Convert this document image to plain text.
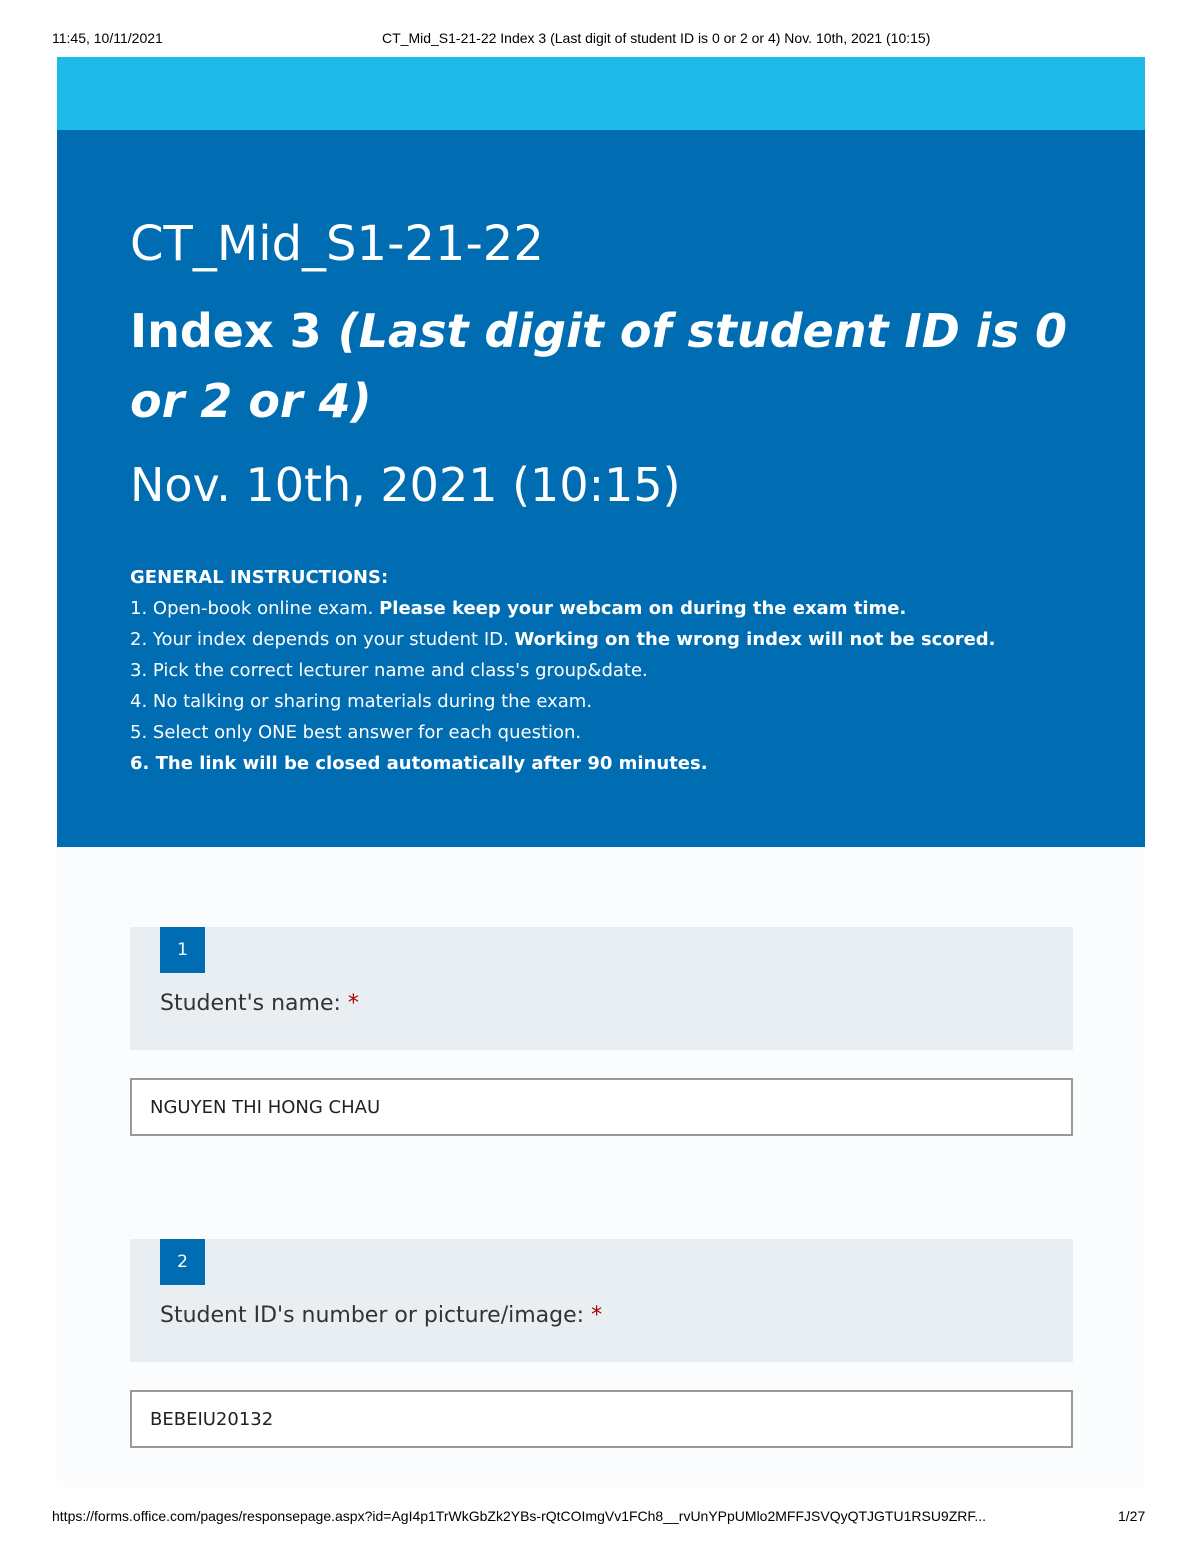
11:45, 10/11/2021	CT_Mid_S1-21-22 Index 3 (Last digit of student ID is 0 or 2 or 4) Nov. 10th, 2021 (10:15)
CT_Mid_S1-21-22
Index 3 (Last digit of student ID is 0 or 2 or 4)
Nov. 10th, 2021 (10:15)
GENERAL INSTRUCTIONS:
1. Open-book online exam. Please keep your webcam on during the exam time.
2. Your index depends on your student ID. Working on the wrong index will not be scored.
3. Pick the correct lecturer name and class's group&date.
4. No talking or sharing materials during the exam.
5. Select only ONE best answer for each question.
6. The link will be closed automatically after 90 minutes.
1
Student's name: *
NGUYEN THI HONG CHAU
2
Student ID's number or picture/image: *
BEBEIU20132
https://forms.office.com/pages/responsepage.aspx?id=AgI4p1TrWkGbZk2YBs-rQtCOImgVv1FCh8__rvUnYPpUMlo2MFFJSVQyQTJGTU1RSU9ZRF...	1/27
